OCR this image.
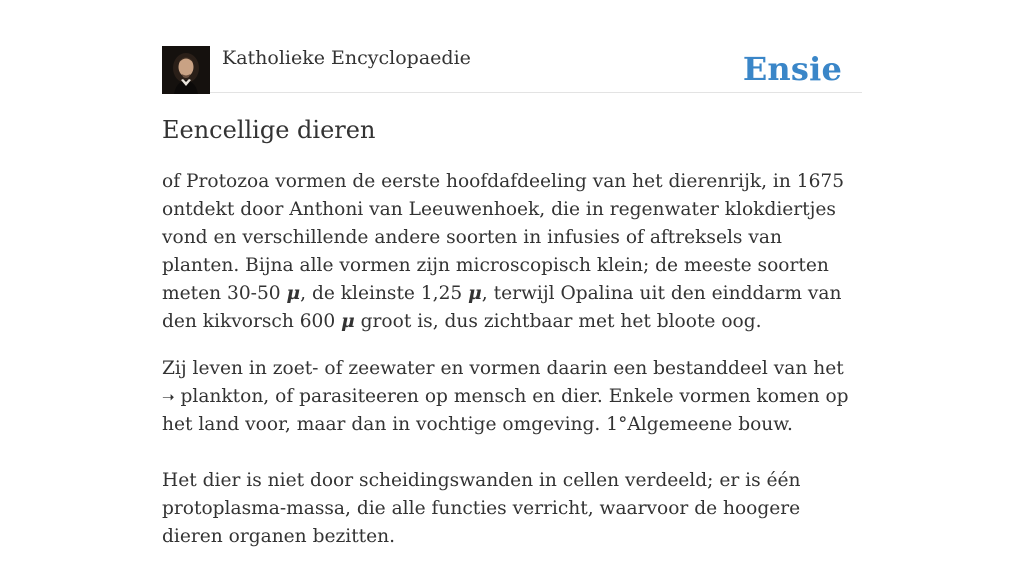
Katholieke Encyclopaedie	Ensie
Eencellige dieren

of Protozoa vormen de eerste hoofdafdeeling van het dierenrijk, in 1675 ontdekt door Anthoni van Leeuwenhoek, die in regenwater klokdiertjes vond en verschillende andere soorten in infusies of aftreksels van planten. Bijna alle vormen zijn microscopisch klein; de meeste soorten meten 30-50 μ, de kleinste 1,25 μ, terwijl Opalina uit den einddarm van den kikvorsch 600 μ groot is, dus zichtbaar met het bloote oog.

Zij leven in zoet- of zeewater en vormen daarin een bestanddeel van het ➝ plankton, of parasiteeren op mensch en dier. Enkele vormen komen op het land voor, maar dan in vochtige omgeving. 1°Algemeene bouw.

Het dier is niet door scheidingswanden in cellen verdeeld; er is één protoplasma-massa, die alle functies verricht, waarvoor de hoogere dieren organen bezitten.
